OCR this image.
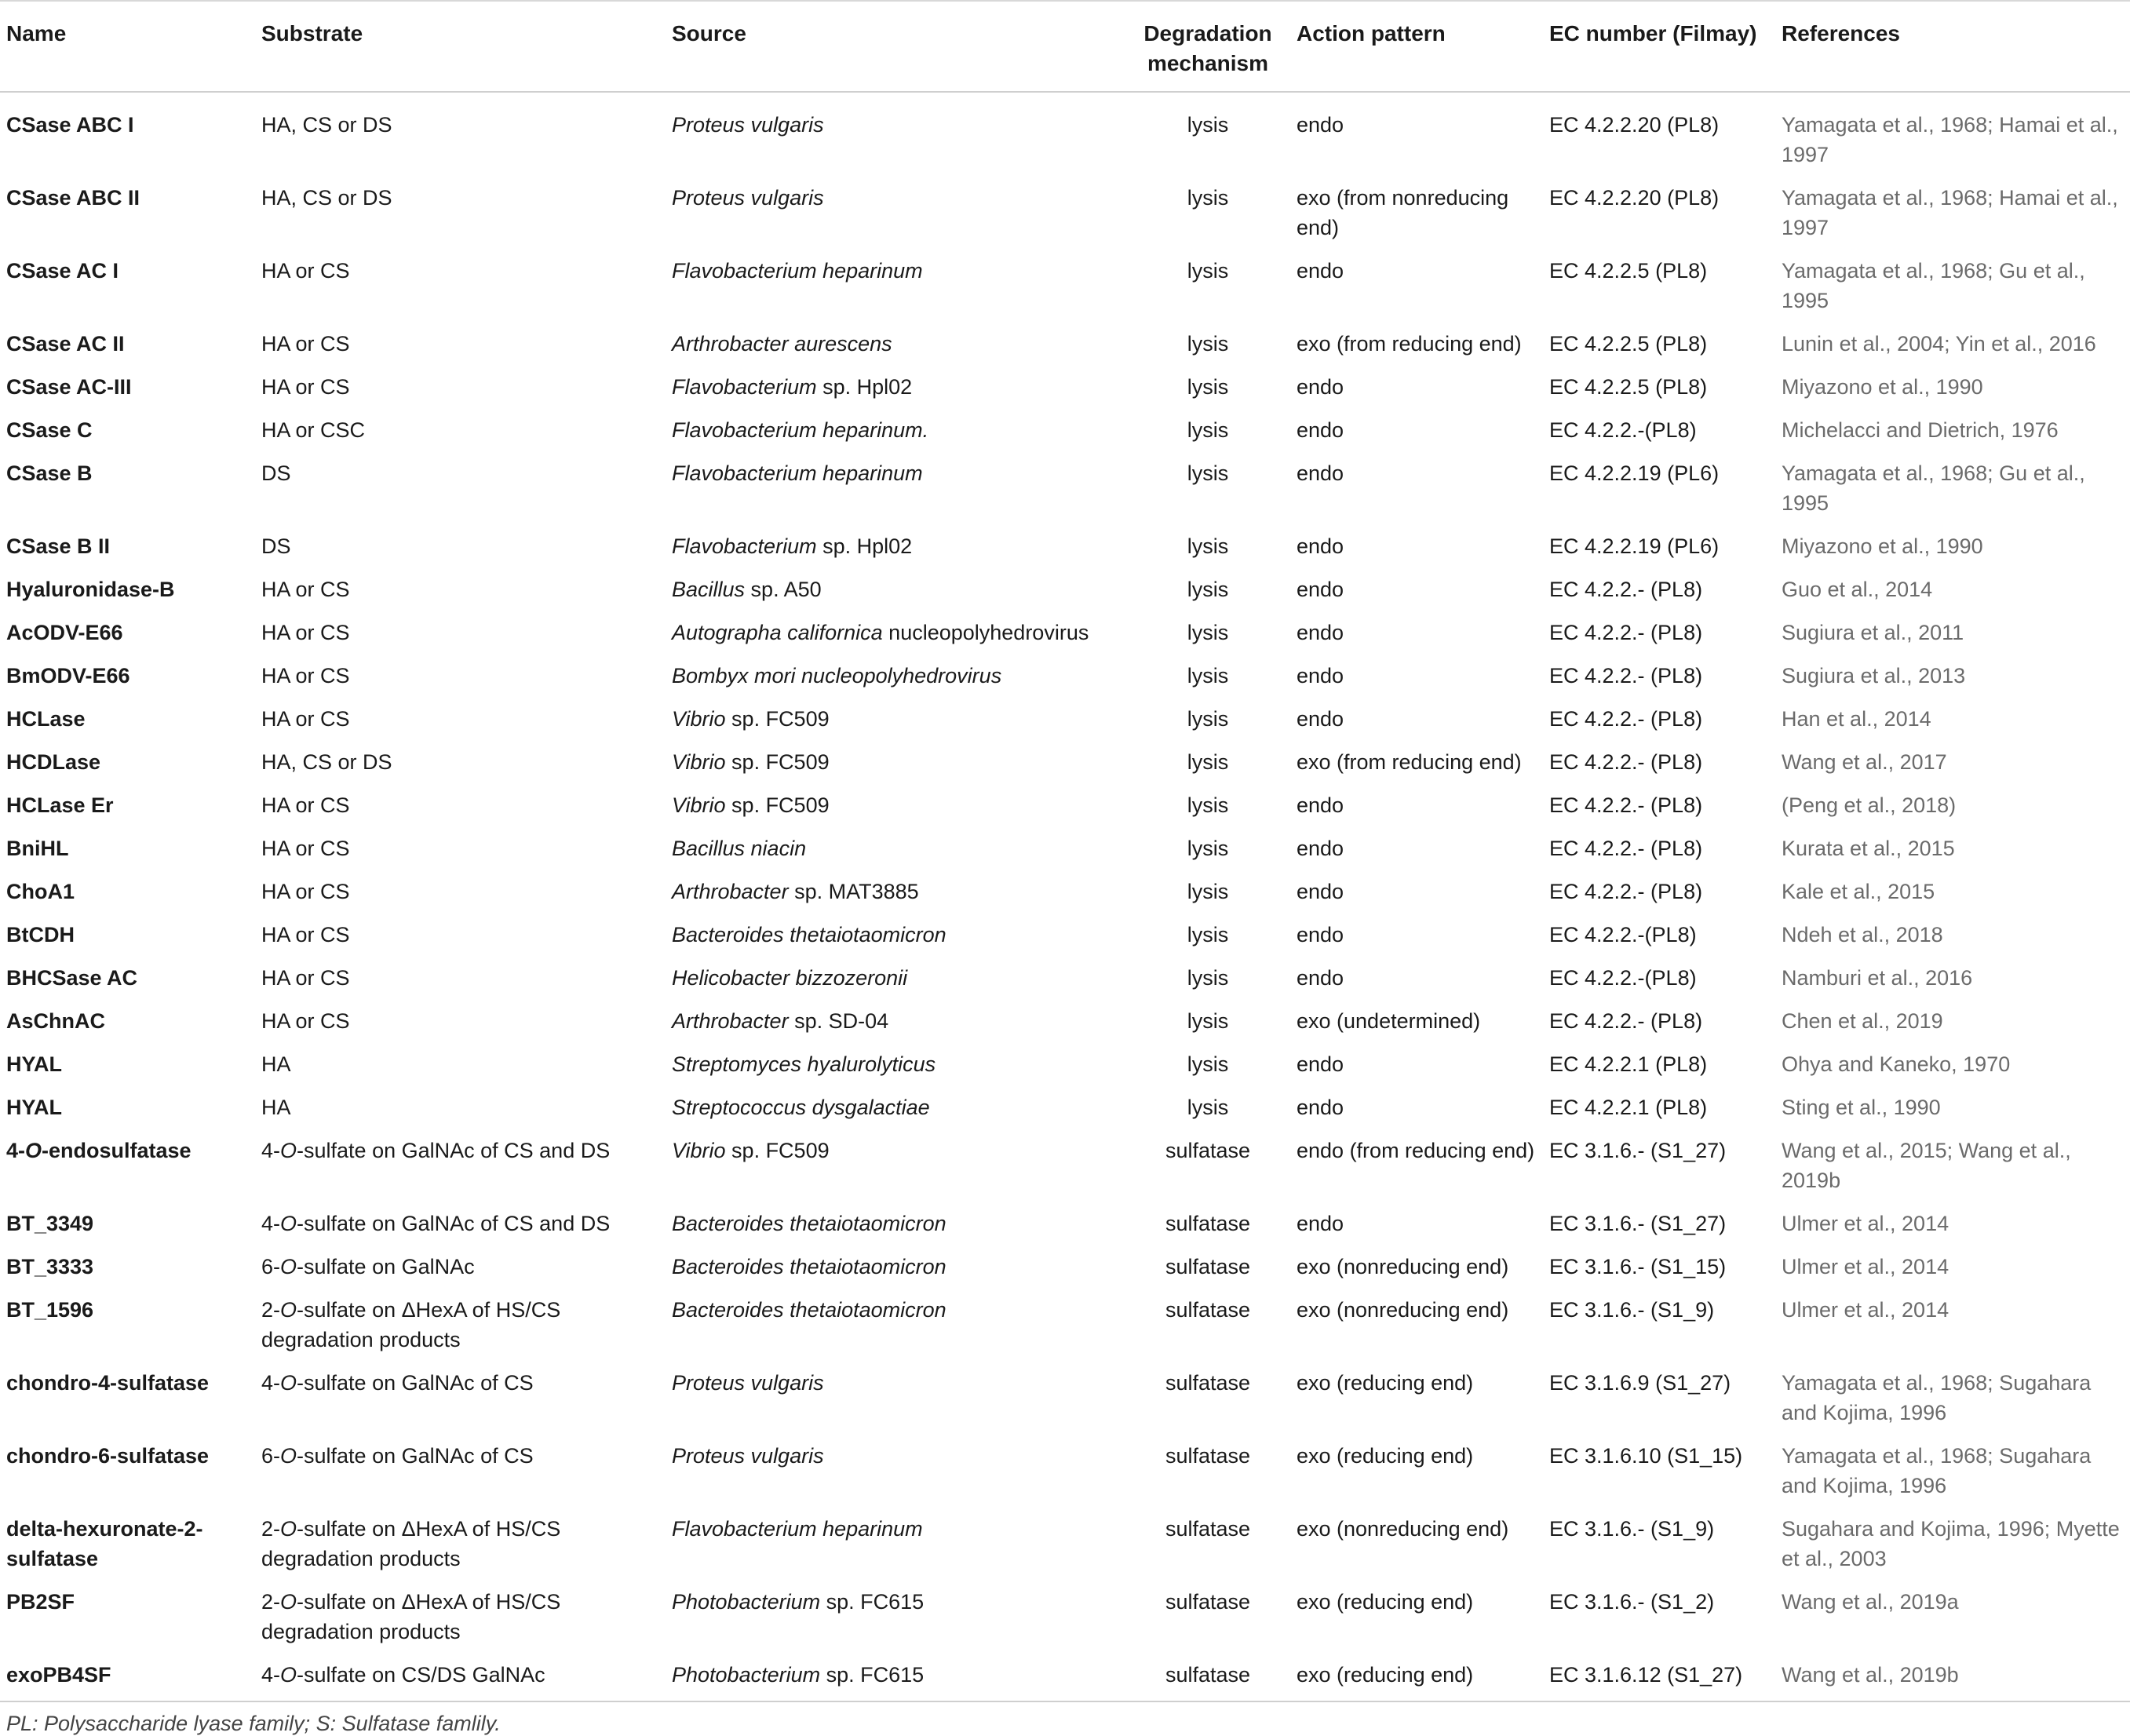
Name	Substrate	Source	Degradation mechanism	Action pattern	EC number (Filmay)	References
CSase ABC I	HA, CS or DS	Proteus vulgaris	lysis	endo	EC 4.2.2.20 (PL8)	Yamagata et al., 1968; Hamai et al., 1997
CSase ABC II	HA, CS or DS	Proteus vulgaris	lysis	exo (from nonreducing end)	EC 4.2.2.20 (PL8)	Yamagata et al., 1968; Hamai et al., 1997
CSase AC I	HA or CS	Flavobacterium heparinum	lysis	endo	EC 4.2.2.5 (PL8)	Yamagata et al., 1968; Gu et al., 1995
CSase AC II	HA or CS	Arthrobacter aurescens	lysis	exo (from reducing end)	EC 4.2.2.5 (PL8)	Lunin et al., 2004; Yin et al., 2016
CSase AC-III	HA or CS	Flavobacterium sp. Hpl02	lysis	endo	EC 4.2.2.5 (PL8)	Miyazono et al., 1990
CSase C	HA or CSC	Flavobacterium heparinum.	lysis	endo	EC 4.2.2.-(PL8)	Michelacci and Dietrich, 1976
CSase B	DS	Flavobacterium heparinum	lysis	endo	EC 4.2.2.19 (PL6)	Yamagata et al., 1968; Gu et al., 1995
CSase B II	DS	Flavobacterium sp. Hpl02	lysis	endo	EC 4.2.2.19 (PL6)	Miyazono et al., 1990
Hyaluronidase-B	HA or CS	Bacillus sp. A50	lysis	endo	EC 4.2.2.- (PL8)	Guo et al., 2014
AcODV-E66	HA or CS	Autographa californica nucleopolyhedrovirus	lysis	endo	EC 4.2.2.- (PL8)	Sugiura et al., 2011
BmODV-E66	HA or CS	Bombyx mori nucleopolyhedrovirus	lysis	endo	EC 4.2.2.- (PL8)	Sugiura et al., 2013
HCLase	HA or CS	Vibrio sp. FC509	lysis	endo	EC 4.2.2.- (PL8)	Han et al., 2014
HCDLase	HA, CS or DS	Vibrio sp. FC509	lysis	exo (from reducing end)	EC 4.2.2.- (PL8)	Wang et al., 2017
HCLase Er	HA or CS	Vibrio sp. FC509	lysis	endo	EC 4.2.2.- (PL8)	(Peng et al., 2018)
BniHL	HA or CS	Bacillus niacin	lysis	endo	EC 4.2.2.- (PL8)	Kurata et al., 2015
ChoA1	HA or CS	Arthrobacter sp. MAT3885	lysis	endo	EC 4.2.2.- (PL8)	Kale et al., 2015
BtCDH	HA or CS	Bacteroides thetaiotaomicron	lysis	endo	EC 4.2.2.-(PL8)	Ndeh et al., 2018
BHCSase AC	HA or CS	Helicobacter bizzozeronii	lysis	endo	EC 4.2.2.-(PL8)	Namburi et al., 2016
AsChnAC	HA or CS	Arthrobacter sp. SD-04	lysis	exo (undetermined)	EC 4.2.2.- (PL8)	Chen et al., 2019
HYAL	HA	Streptomyces hyalurolyticus	lysis	endo	EC 4.2.2.1 (PL8)	Ohya and Kaneko, 1970
HYAL	HA	Streptococcus dysgalactiae	lysis	endo	EC 4.2.2.1 (PL8)	Sting et al., 1990
4-O-endosulfatase	4-O-sulfate on GalNAc of CS and DS	Vibrio sp. FC509	sulfatase	endo (from reducing end)	EC 3.1.6.- (S1_27)	Wang et al., 2015; Wang et al., 2019b
BT_3349	4-O-sulfate on GalNAc of CS and DS	Bacteroides thetaiotaomicron	sulfatase	endo	EC 3.1.6.- (S1_27)	Ulmer et al., 2014
BT_3333	6-O-sulfate on GalNAc	Bacteroides thetaiotaomicron	sulfatase	exo (nonreducing end)	EC 3.1.6.- (S1_15)	Ulmer et al., 2014
BT_1596	2-O-sulfate on ΔHexA of HS/CS degradation products	Bacteroides thetaiotaomicron	sulfatase	exo (nonreducing end)	EC 3.1.6.- (S1_9)	Ulmer et al., 2014
chondro-4-sulfatase	4-O-sulfate on GalNAc of CS	Proteus vulgaris	sulfatase	exo (reducing end)	EC 3.1.6.9 (S1_27)	Yamagata et al., 1968; Sugahara and Kojima, 1996
chondro-6-sulfatase	6-O-sulfate on GalNAc of CS	Proteus vulgaris	sulfatase	exo (reducing end)	EC 3.1.6.10 (S1_15)	Yamagata et al., 1968; Sugahara and Kojima, 1996
delta-hexuronate-2-sulfatase	2-O-sulfate on ΔHexA of HS/CS degradation products	Flavobacterium heparinum	sulfatase	exo (nonreducing end)	EC 3.1.6.- (S1_9)	Sugahara and Kojima, 1996; Myette et al., 2003
PB2SF	2-O-sulfate on ΔHexA of HS/CS degradation products	Photobacterium sp. FC615	sulfatase	exo (reducing end)	EC 3.1.6.- (S1_2)	Wang et al., 2019a
exoPB4SF	4-O-sulfate on CS/DS GalNAc	Photobacterium sp. FC615	sulfatase	exo (reducing end)	EC 3.1.6.12 (S1_27)	Wang et al., 2019b
PL: Polysaccharide lyase family; S: Sulfatase famlily.
